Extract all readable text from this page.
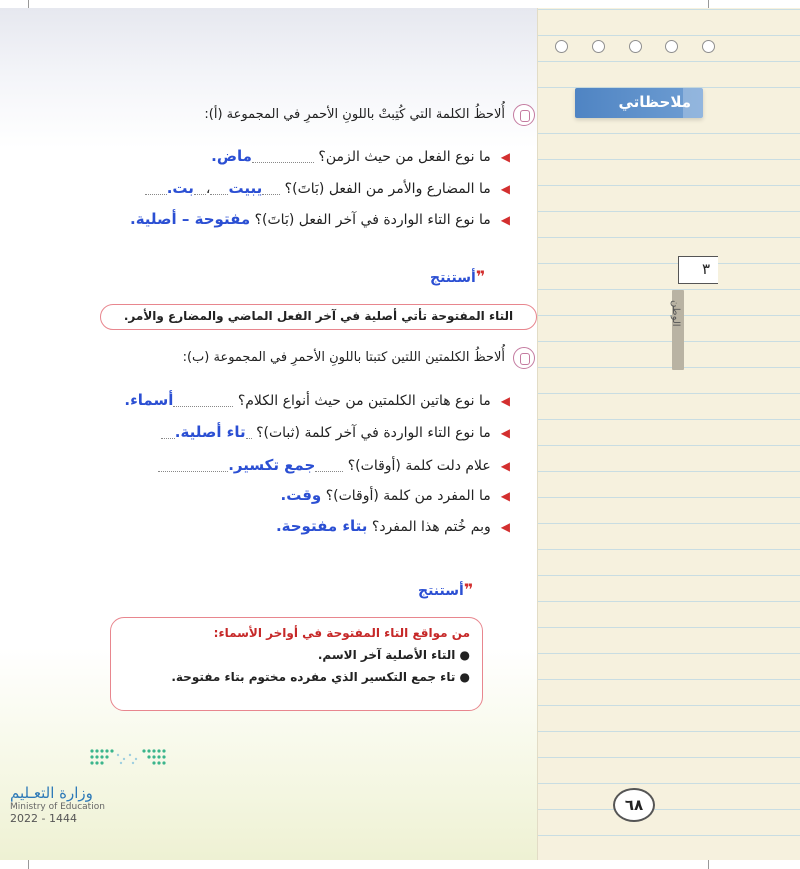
ملاحظاتي
٣
الوطن
٦٨
أُلاحظُ الكلمة التي كُتِبتْ باللونِ الأحمرِ في المجموعة (أ):
◀ما نوع الفعل من حيث الزمن؟ ماض.
◀ما المضارع والأمر من الفعل (بَاتَ)؟ يبيت،بت.
◀ما نوع التاء الواردة في آخر الفعل (بَاتَ)؟ مفتوحة – أصلية.
❞أستنتج
التاء المفتوحة تأتي أصلية في آخر الفعل الماضي والمضارع والأمر.
أُلاحظُ الكلمتين اللتين كتبتا باللونِ الأحمرِ في المجموعة (ب):
◀ما نوع هاتين الكلمتين من حيث أنواع الكلام؟ أسماء.
◀ما نوع التاء الواردة في آخر كلمة (ثبات)؟ تاء أصلية.
◀علام دلت كلمة (أوقات)؟ جمع تكسير.
◀ما المفرد من كلمة (أوقات)؟ وقت.
◀وبم خُتم هذا المفرد؟ بتاء مفتوحة.
❞أستنتج
من مواقع التاء المفتوحة في أواخر الأسماء:
● التاء الأصلية آخر الاسم.
● تاء جمع التكسير الذي مفرده مختوم بتاء مفتوحة.
وزارة التعـليم
Ministry of Education
2022 - 1444
